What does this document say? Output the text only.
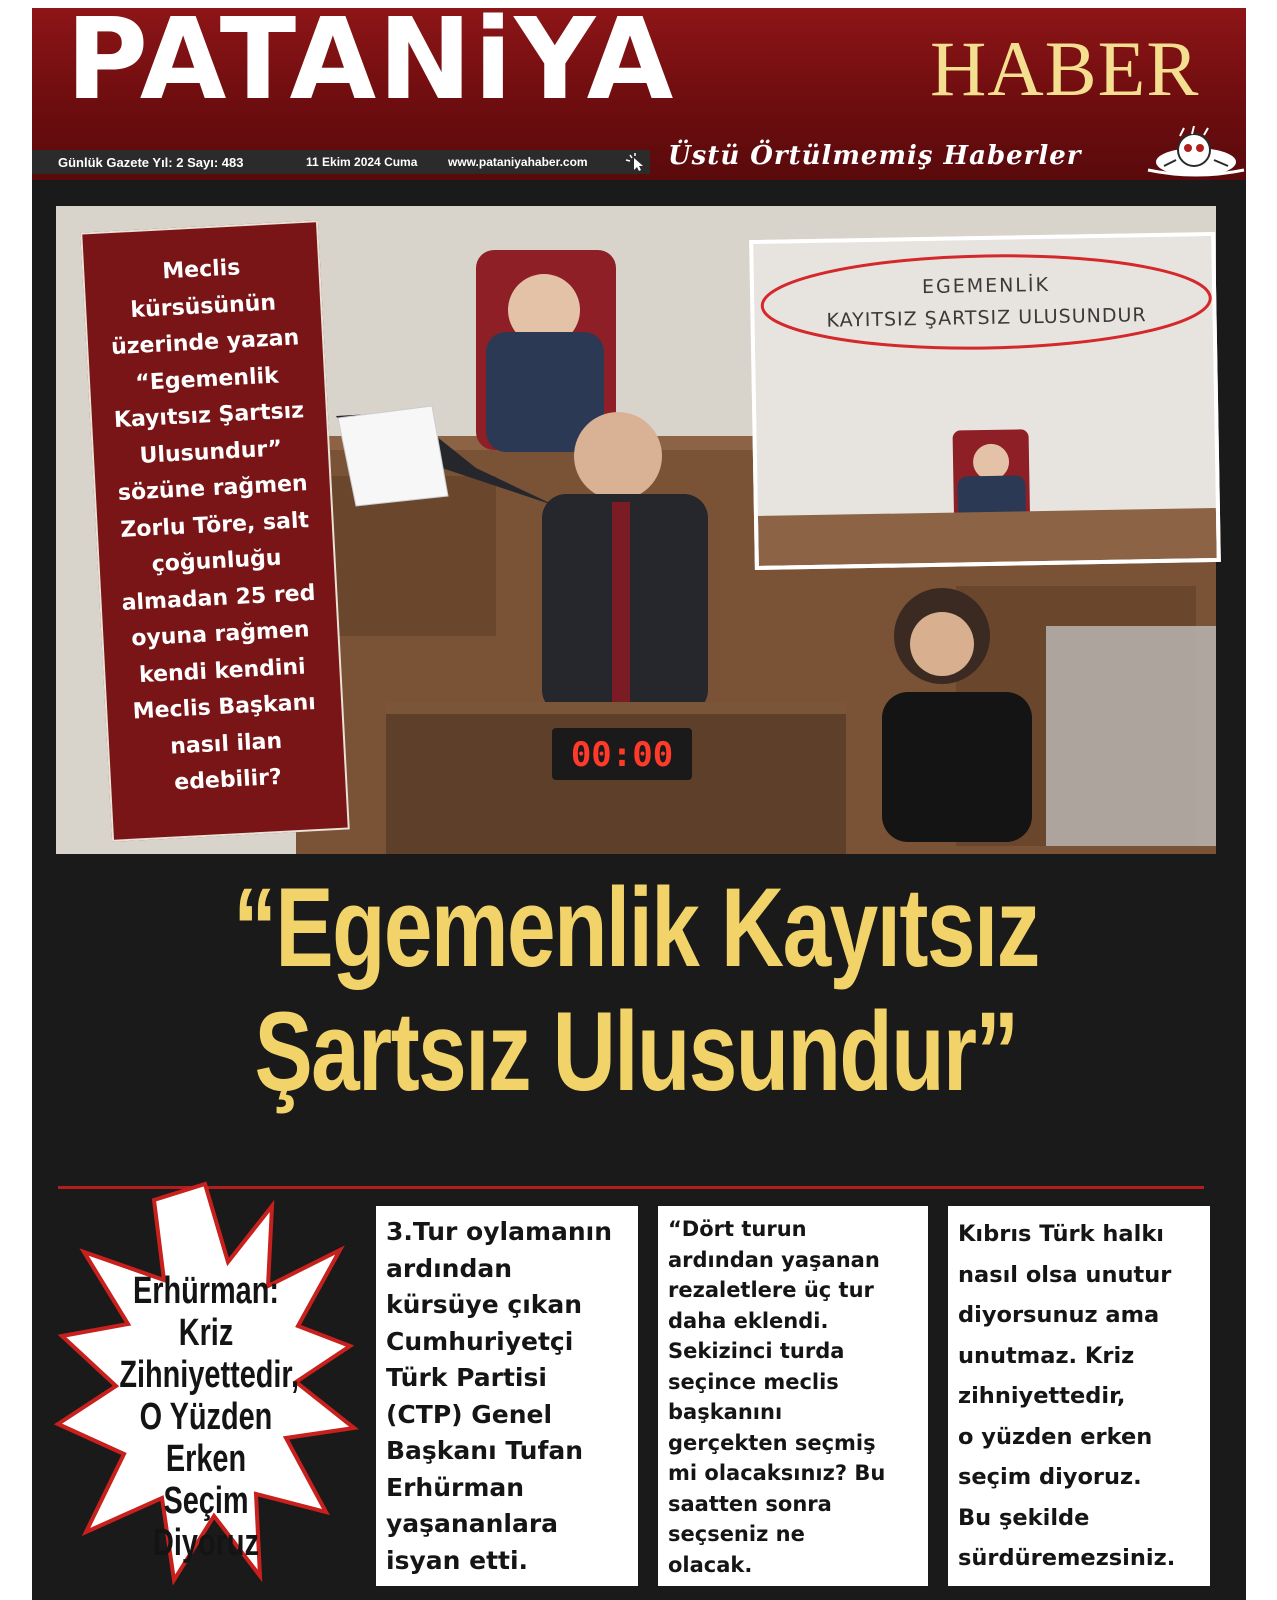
PATANiYA	HABER
Günlük Gazete Yıl: 2 Sayı: 483	11 Ekim 2024 Cuma	www.pataniyahaber.com	Üstü Örtülmemiş Haberler
00:00
EGEMENLİK
KAYITSIZ ŞARTSIZ ULUSUNDUR
Meclis
kürsüsünün
üzerinde yazan
“Egemenlik
Kayıtsız Şartsız
Ulusundur”
sözüne rağmen
Zorlu Töre, salt
çoğunluğu
almadan 25 red
oyuna rağmen
kendi kendini
Meclis Başkanı
nasıl ilan
edebilir?
“Egemenlik Kayıtsız
Şartsız Ulusundur”
Erhürman:
Kriz
Zihniyettedir,
O Yüzden
Erken Seçim
Diyoruz
3.Tur oylamanın
ardından
kürsüye çıkan
Cumhuriyetçi
Türk Partisi
(CTP) Genel
Başkanı Tufan
Erhürman
yaşananlara
isyan etti.
“Dört turun
ardından yaşanan
rezaletlere üç tur
daha eklendi.
Sekizinci turda
seçince meclis
başkanını
gerçekten seçmiş
mi olacaksınız? Bu
saatten sonra
seçseniz ne
olacak.
Kıbrıs Türk halkı
nasıl olsa unutur
diyorsunuz ama
unutmaz. Kriz
zihniyettedir,
o yüzden erken
seçim diyoruz.
Bu şekilde
sürdüremezsiniz.
